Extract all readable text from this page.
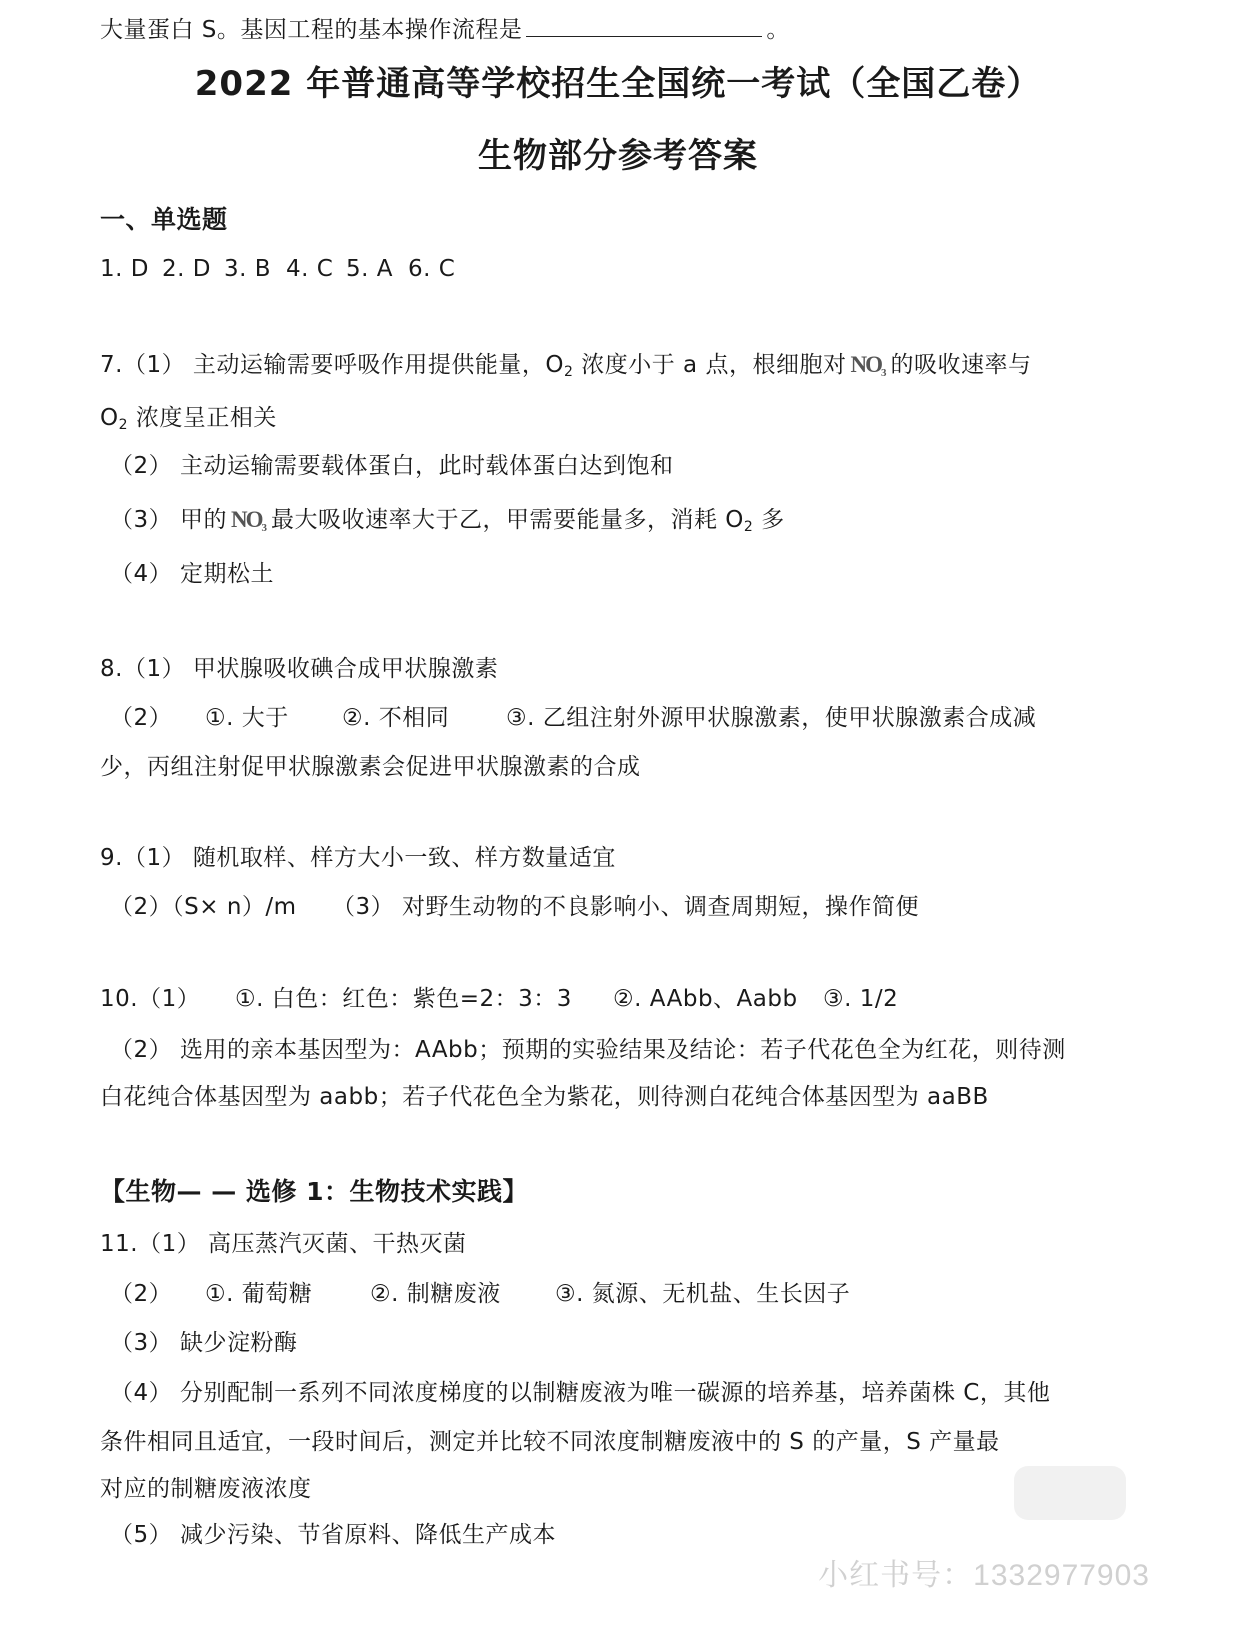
大量蛋白 S。基因工程的基本操作流程是	。
2022 年普通高等学校招生全国统一考试（全国乙卷）
生物部分参考答案
一、单选题
1. D 2. D 3. B 4. C 5. A 6. C
7.（1） 主动运输需要呼吸作用提供能量，O2 浓度小于 a 点，根细胞对 $NO_3$ 的吸收速率与
O2 浓度呈正相关
（2） 主动运输需要载体蛋白，此时载体蛋白达到饱和
（3） 甲的 $NO_3$ 最大吸收速率大于乙，甲需要能量多，消耗 O2 多
（4） 定期松土
8.（1） 甲状腺吸收碘合成甲状腺激素
（2） ①. 大于 ②. 不相同 ③. 乙组注射外源甲状腺激素，使甲状腺激素合成减
少，丙组注射促甲状腺激素会促进甲状腺激素的合成
9.（1） 随机取样、样方大小一致、样方数量适宜
（2）（S× n）/m （3） 对野生动物的不良影响小、调查周期短，操作简便
10.（1） ①. 白色：红色：紫色=2：3：3 ②. AAbb、Aabb ③. 1/2
（2） 选用的亲本基因型为：AAbb；预期的实验结果及结论：若子代花色全为红花，则待测
白花纯合体基因型为 aabb；若子代花色全为紫花，则待测白花纯合体基因型为 aaBB
【生物— — 选修 1：生物技术实践】
11.（1） 高压蒸汽灭菌、干热灭菌
（2） ①. 葡萄糖	②. 制糖废液 ③. 氮源、无机盐、生长因子
（3） 缺少淀粉酶
（4） 分别配制一系列不同浓度梯度的以制糖废液为唯一碳源的培养基，培养菌株 C，其他
条件相同且适宜，一段时间后，测定并比较不同浓度制糖废液中的 S 的产量，S 产量最
对应的制糖废液浓度
（5） 减少污染、节省原料、降低生产成本
小红书号：1332977903
